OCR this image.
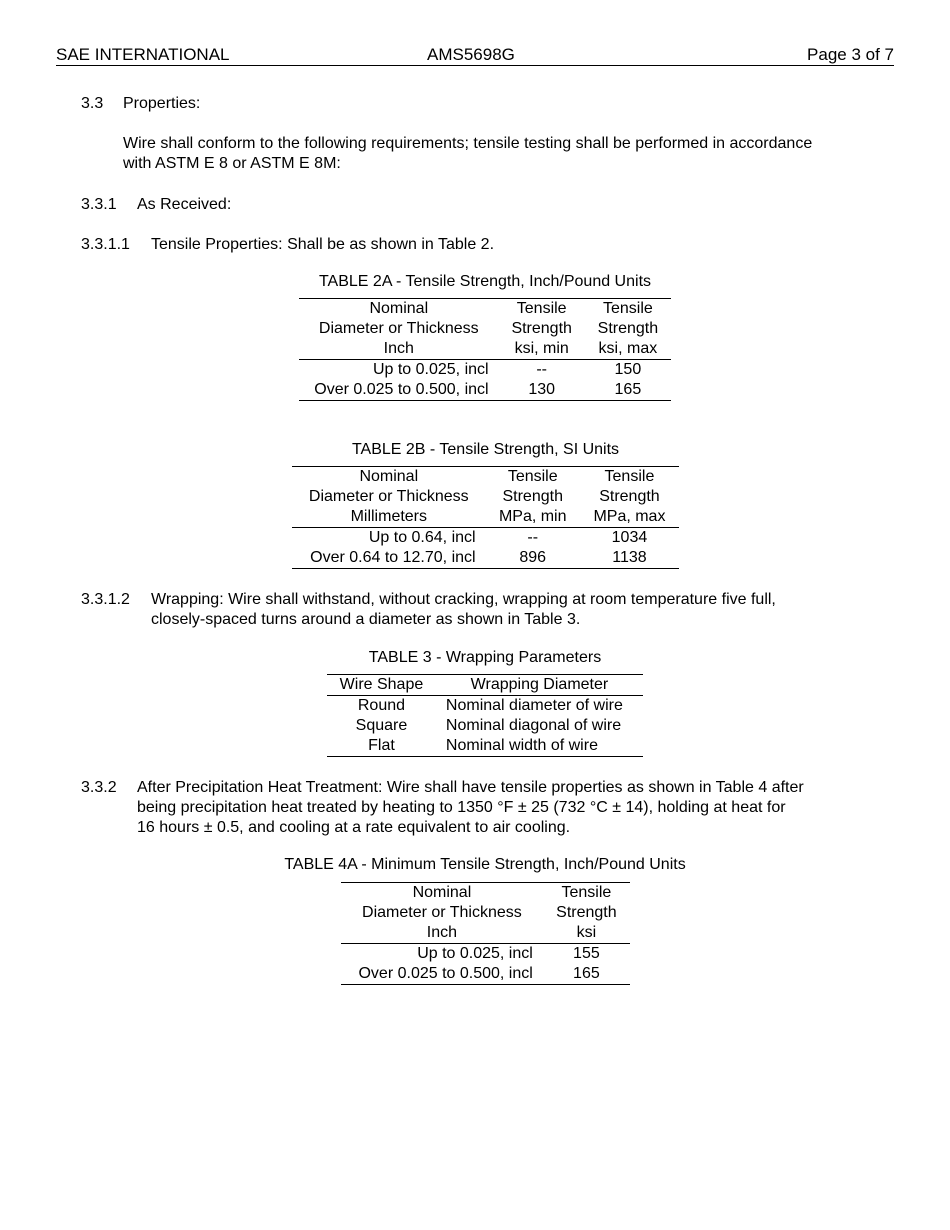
SAE INTERNATIONAL	AMS5698G	Page 3 of 7
3.3 Properties:
Wire shall conform to the following requirements; tensile testing shall be performed in accordance
with ASTM E 8 or ASTM E 8M:
3.3.1 As Received:
3.3.1.1 Tensile Properties: Shall be as shown in Table 2.
TABLE 2A - Tensile Strength, Inch/Pound Units
Nominal	Tensile	Tensile
Diameter or Thickness	Strength	Strength
Inch	ksi, min	ksi, max
Up to 0.025, incl	--	150
Over 0.025 to 0.500, incl	130	165
TABLE 2B - Tensile Strength, SI Units
Nominal	Tensile	Tensile
Diameter or Thickness	Strength	Strength
Millimeters	MPa, min	MPa, max
Up to 0.64, incl	--	1034
Over 0.64 to 12.70, incl	896	1138
3.3.1.2 Wrapping: Wire shall withstand, without cracking, wrapping at room temperature five full,
closely-spaced turns around a diameter as shown in Table 3.
TABLE 3 - Wrapping Parameters
Wire Shape	Wrapping Diameter
Round	Nominal diameter of wire
Square	Nominal diagonal of wire
Flat	Nominal width of wire
3.3.2 After Precipitation Heat Treatment: Wire shall have tensile properties as shown in Table 4 after
being precipitation heat treated by heating to 1350 °F ± 25 (732 °C ± 14), holding at heat for
16 hours ± 0.5, and cooling at a rate equivalent to air cooling.
TABLE 4A - Minimum Tensile Strength, Inch/Pound Units
Nominal	Tensile
Diameter or Thickness	Strength
Inch	ksi
Up to 0.025, incl	155
Over 0.025 to 0.500, incl	165
